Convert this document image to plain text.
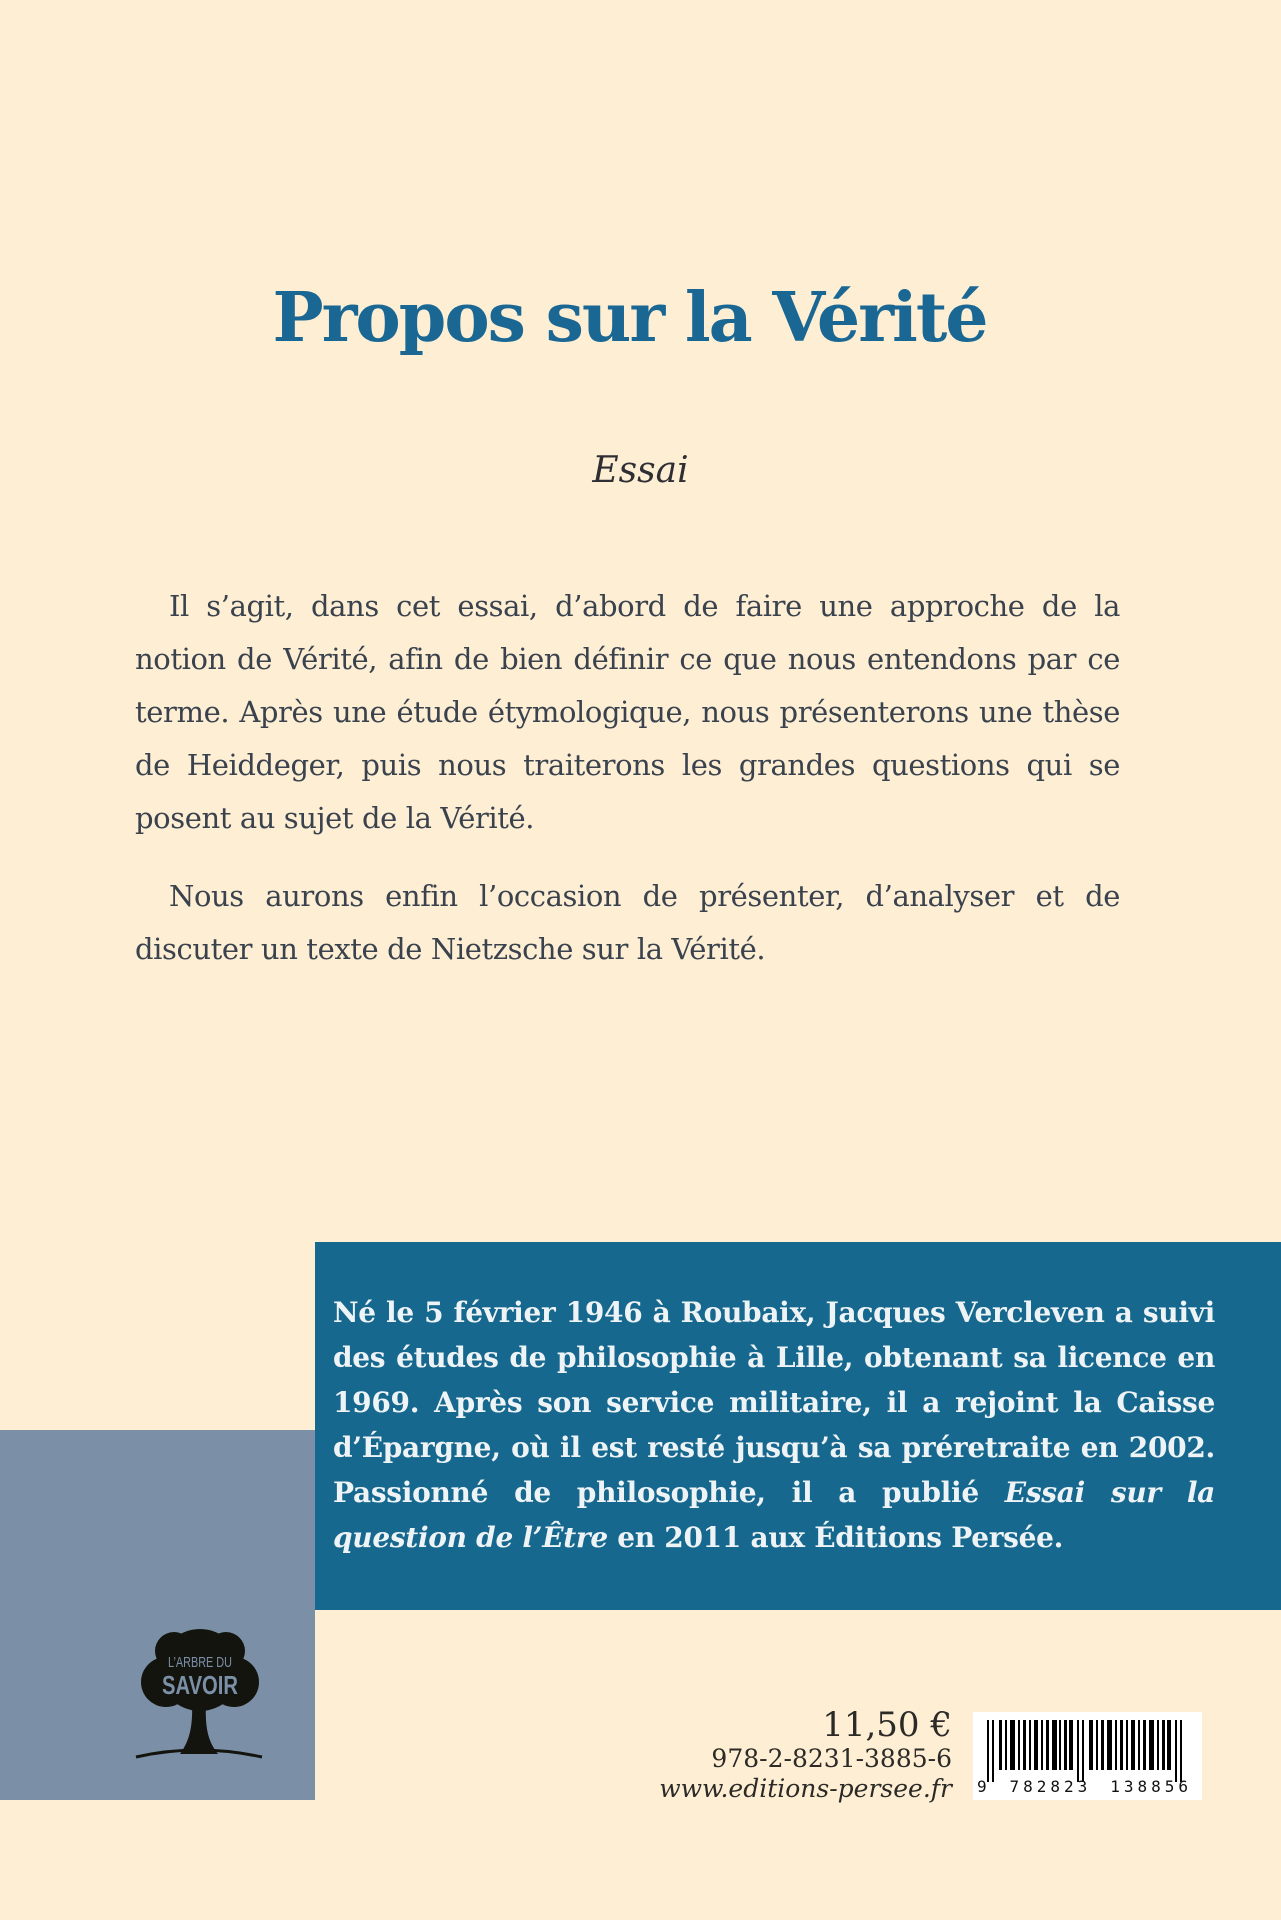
Propos sur la Vérité
Essai

Il s’agit, dans cet essai, d’abord de faire une approche de la notion de Vérité, afin de bien définir ce que nous entendons par ce terme. Après une étude étymologique, nous présenterons une thèse de Heiddeger, puis nous traiterons les grandes questions qui se posent au sujet de la Vérité.

Nous aurons enfin l’occasion de présenter, d’analyser et de discuter un texte de Nietzsche sur la Vérité.

Né le 5 février 1946 à Roubaix, Jacques Vercleven a suivi des études de philosophie à Lille, obtenant sa licence en 1969. Après son service militaire, il a rejoint la Caisse d’Épargne, où il est resté jusqu’à sa préretraite en 2002. Passionné de philosophie, il a publié Essai sur la question de l’Être en 2011 aux Éditions Persée.

L’ARBRE DU
SAVOIR
11,50 €
978-2-8231-3885-6
www.editions-persee.fr 9 782823 138856
